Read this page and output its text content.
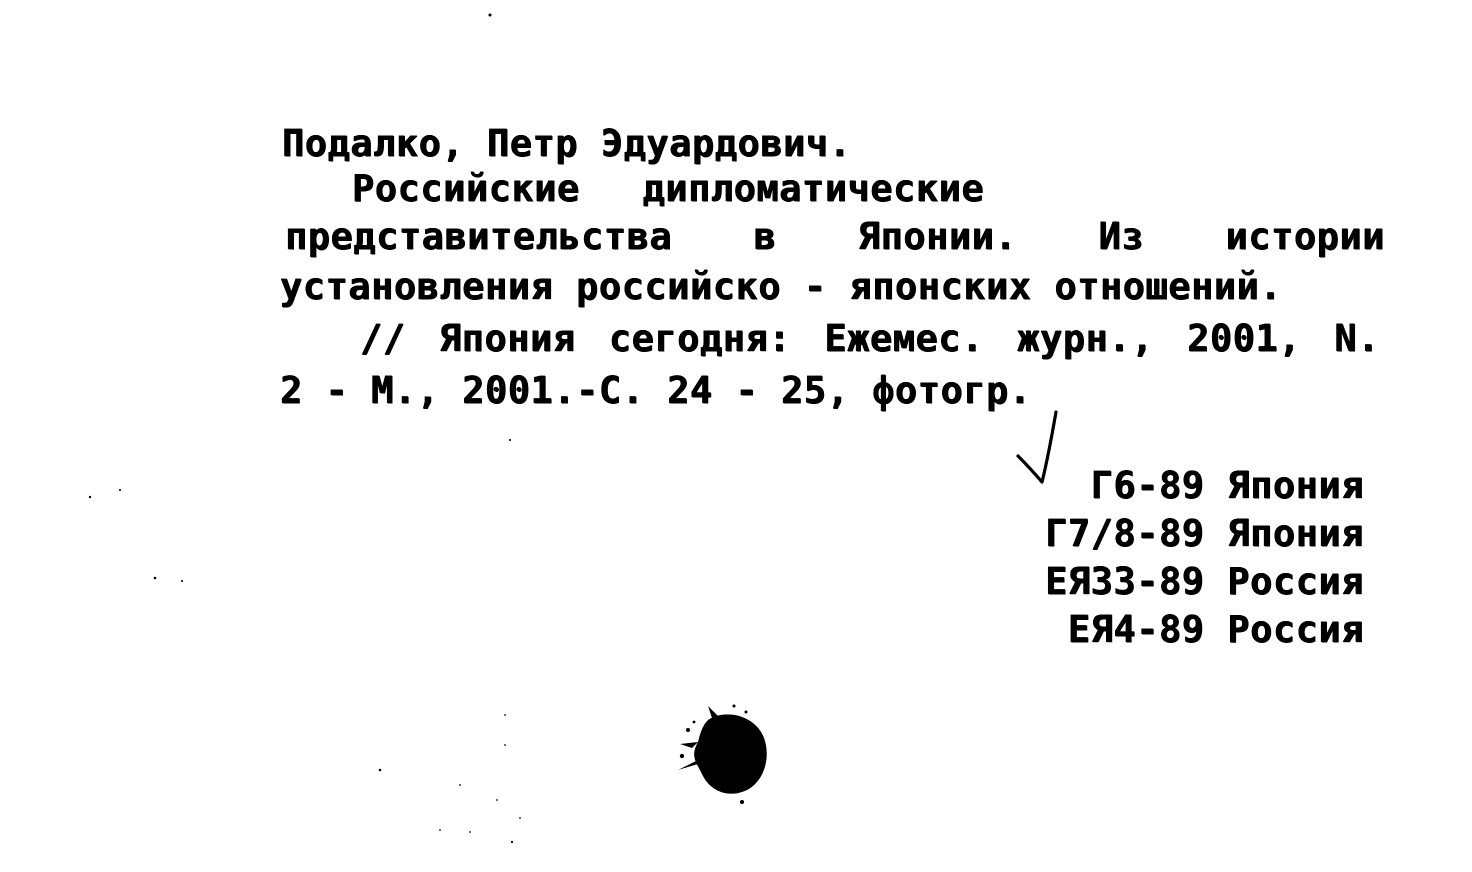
Подалко, Петр Эдуардович.
Российские дипломатические
представительства в Японии. Из истории
установления российско - японских отношений.
// Япония сегодня: Ежемес. журн., 2001, N.
2 - М., 2001.-С. 24 - 25, фотогр.
Г6-89 Япония
Г7/8-89 Япония
ЕЯ33-89 Россия
ЕЯ4-89 Россия
